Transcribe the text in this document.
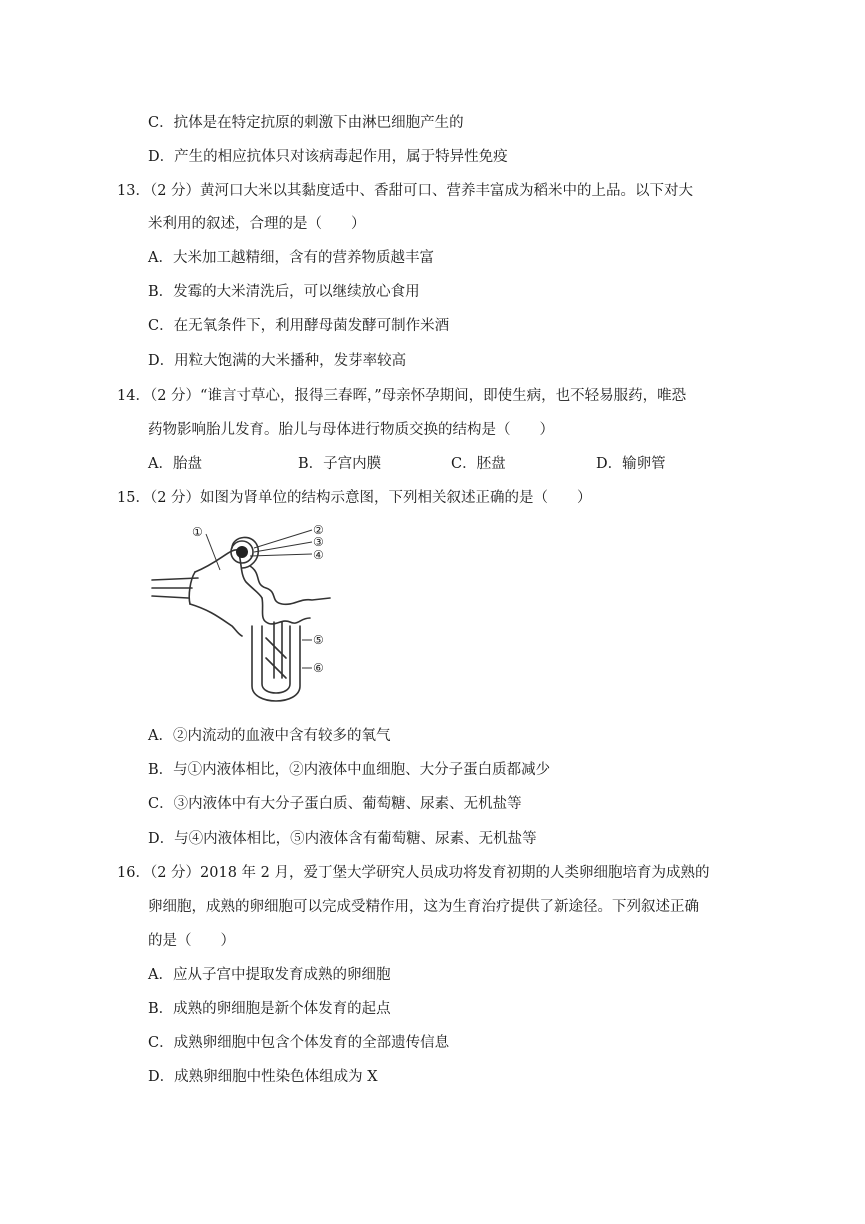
C．抗体是在特定抗原的刺激下由淋巴细胞产生的
D．产生的相应抗体只对该病毒起作用，属于特异性免疫
13．（2 分）黄河口大米以其黏度适中、香甜可口、营养丰富成为稻米中的上品。以下对大
米利用的叙述，合理的是（　　）
A．大米加工越精细，含有的营养物质越丰富
B．发霉的大米清洗后，可以继续放心食用
C．在无氧条件下，利用酵母菌发酵可制作米酒
D．用粒大饱满的大米播种，发芽率较高
14．（2 分）“谁言寸草心，报得三春晖，”母亲怀孕期间，即使生病，也不轻易服药，唯恐
药物影响胎儿发育。胎儿与母体进行物质交换的结构是（　　）
A．胎盘	B．子宫内膜	C．胚盘	D．输卵管
15．（2 分）如图为肾单位的结构示意图，下列相关叙述正确的是（　　）
①	②
③
④
⑤
⑥
A．②内流动的血液中含有较多的氧气
B．与①内液体相比，②内液体中血细胞、大分子蛋白质都减少
C．③内液体中有大分子蛋白质、葡萄糖、尿素、无机盐等
D．与④内液体相比，⑤内液体含有葡萄糖、尿素、无机盐等
16．（2 分）2018 年 2 月，爱丁堡大学研究人员成功将发育初期的人类卵细胞培育为成熟的
卵细胞，成熟的卵细胞可以完成受精作用，这为生育治疗提供了新途径。下列叙述正确
的是（　　）
A．应从子宫中提取发育成熟的卵细胞
B．成熟的卵细胞是新个体发育的起点
C．成熟卵细胞中包含个体发育的全部遗传信息
D．成熟卵细胞中性染色体组成为 X
